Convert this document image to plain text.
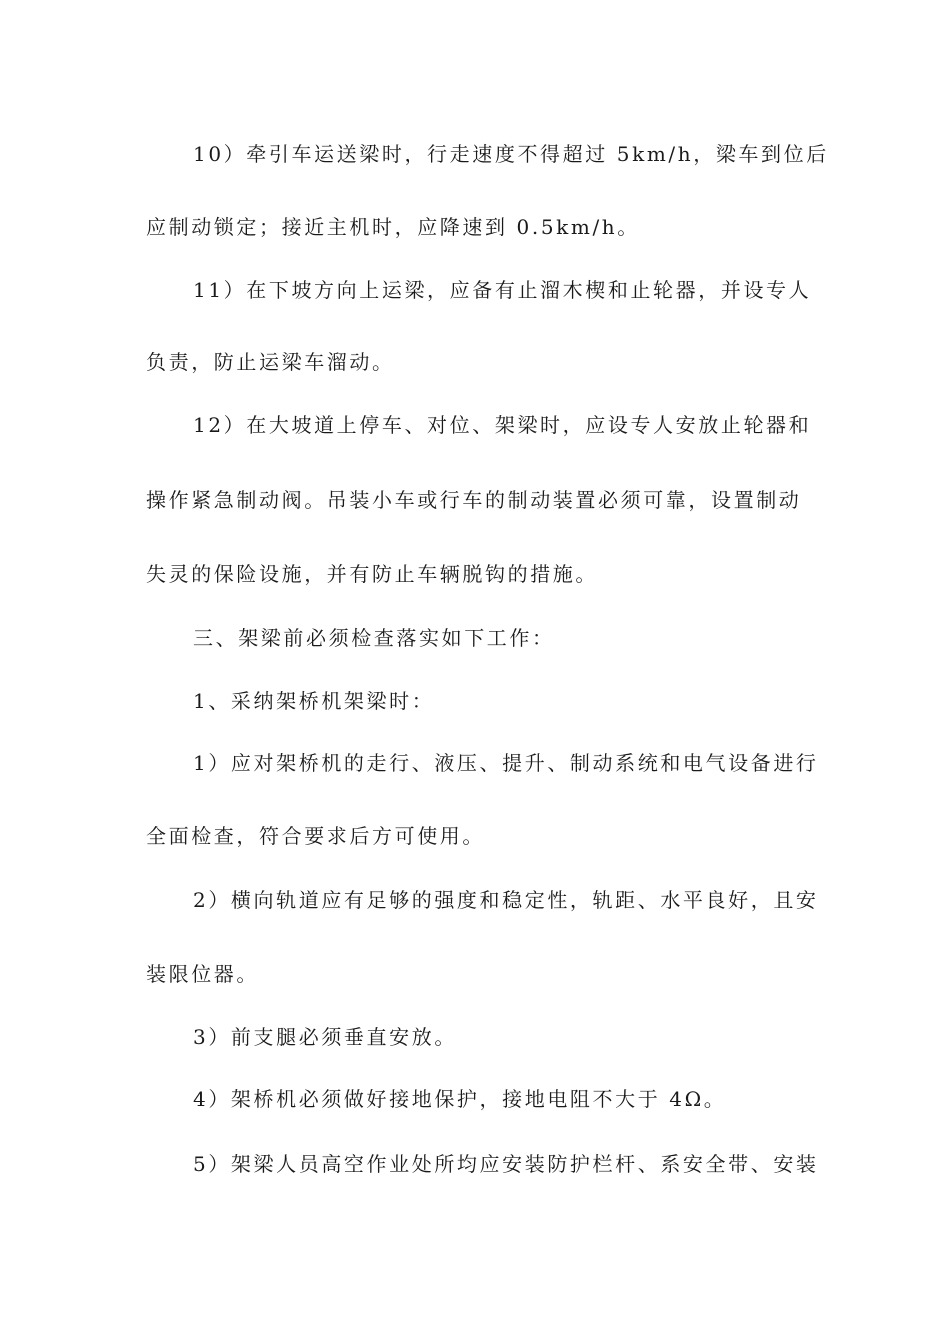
10）牵引车运送梁时，行走速度不得超过 5km/h，梁车到位后

应制动锁定；接近主机时，应降速到 0.5km/h。

11）在下坡方向上运梁，应备有止溜木楔和止轮器，并设专人

负责，防止运梁车溜动。

12）在大坡道上停车、对位、架梁时，应设专人安放止轮器和

操作紧急制动阀。吊装小车或行车的制动装置必须可靠，设置制动

失灵的保险设施，并有防止车辆脱钩的措施。

三、架梁前必须检查落实如下工作：

1、采纳架桥机架梁时：

1）应对架桥机的走行、液压、提升、制动系统和电气设备进行

全面检查，符合要求后方可使用。

2）横向轨道应有足够的强度和稳定性，轨距、水平良好，且安

装限位器。

3）前支腿必须垂直安放。

4）架桥机必须做好接地保护，接地电阻不大于 4Ω。

5）架梁人员高空作业处所均应安装防护栏杆、系安全带、安装
